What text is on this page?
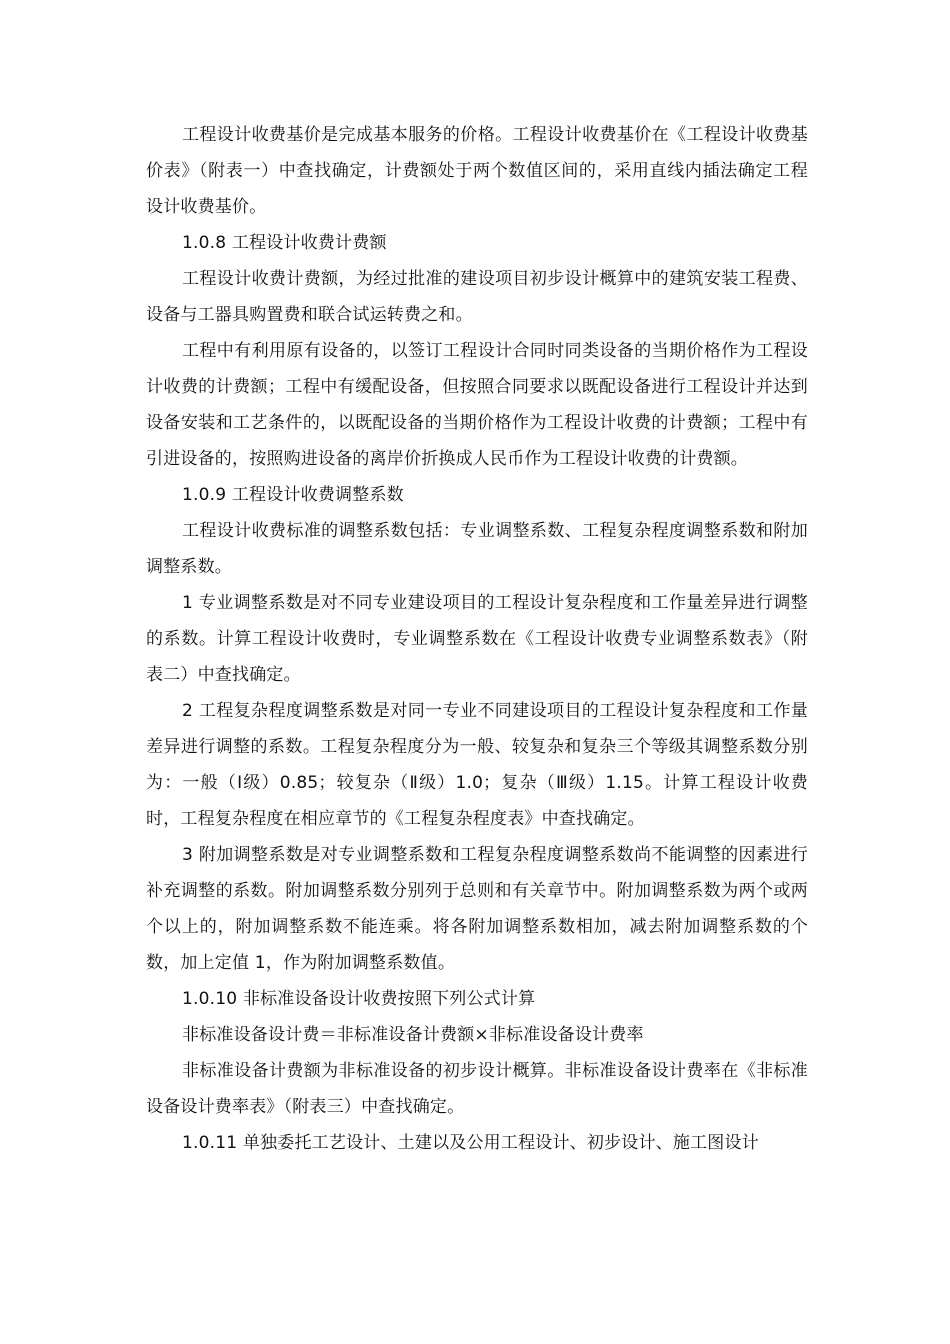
工程设计收费基价是完成基本服务的价格。工程设计收费基价在《工程设计收费基价表》（附表一）中查找确定，计费额处于两个数值区间的，采用直线内插法确定工程设计收费基价。

1.0.8 工程设计收费计费额

工程设计收费计费额，为经过批准的建设项目初步设计概算中的建筑安装工程费、设备与工器具购置费和联合试运转费之和。

工程中有利用原有设备的，以签订工程设计合同时同类设备的当期价格作为工程设计收费的计费额；工程中有缓配设备，但按照合同要求以既配设备进行工程设计并达到设备安装和工艺条件的，以既配设备的当期价格作为工程设计收费的计费额；工程中有引进设备的，按照购进设备的离岸价折换成人民币作为工程设计收费的计费额。

1.0.9 工程设计收费调整系数

工程设计收费标准的调整系数包括：专业调整系数、工程复杂程度调整系数和附加调整系数。

1 专业调整系数是对不同专业建设项目的工程设计复杂程度和工作量差异进行调整的系数。计算工程设计收费时，专业调整系数在《工程设计收费专业调整系数表》（附表二）中查找确定。

2 工程复杂程度调整系数是对同一专业不同建设项目的工程设计复杂程度和工作量差异进行调整的系数。工程复杂程度分为一般、较复杂和复杂三个等级其调整系数分别为：一般（Ⅰ级）0.85；较复杂（Ⅱ级）1.0；复杂（Ⅲ级）1.15。计算工程设计收费时，工程复杂程度在相应章节的《工程复杂程度表》中查找确定。

3 附加调整系数是对专业调整系数和工程复杂程度调整系数尚不能调整的因素进行补充调整的系数。附加调整系数分别列于总则和有关章节中。附加调整系数为两个或两个以上的，附加调整系数不能连乘。将各附加调整系数相加，减去附加调整系数的个数，加上定值 1，作为附加调整系数值。

1.0.10 非标准设备设计收费按照下列公式计算

非标准设备设计费＝非标准设备计费额×非标准设备设计费率

非标准设备计费额为非标准设备的初步设计概算。非标准设备设计费率在《非标准设备设计费率表》（附表三）中查找确定。

1.0.11 单独委托工艺设计、土建以及公用工程设计、初步设计、施工图设计
